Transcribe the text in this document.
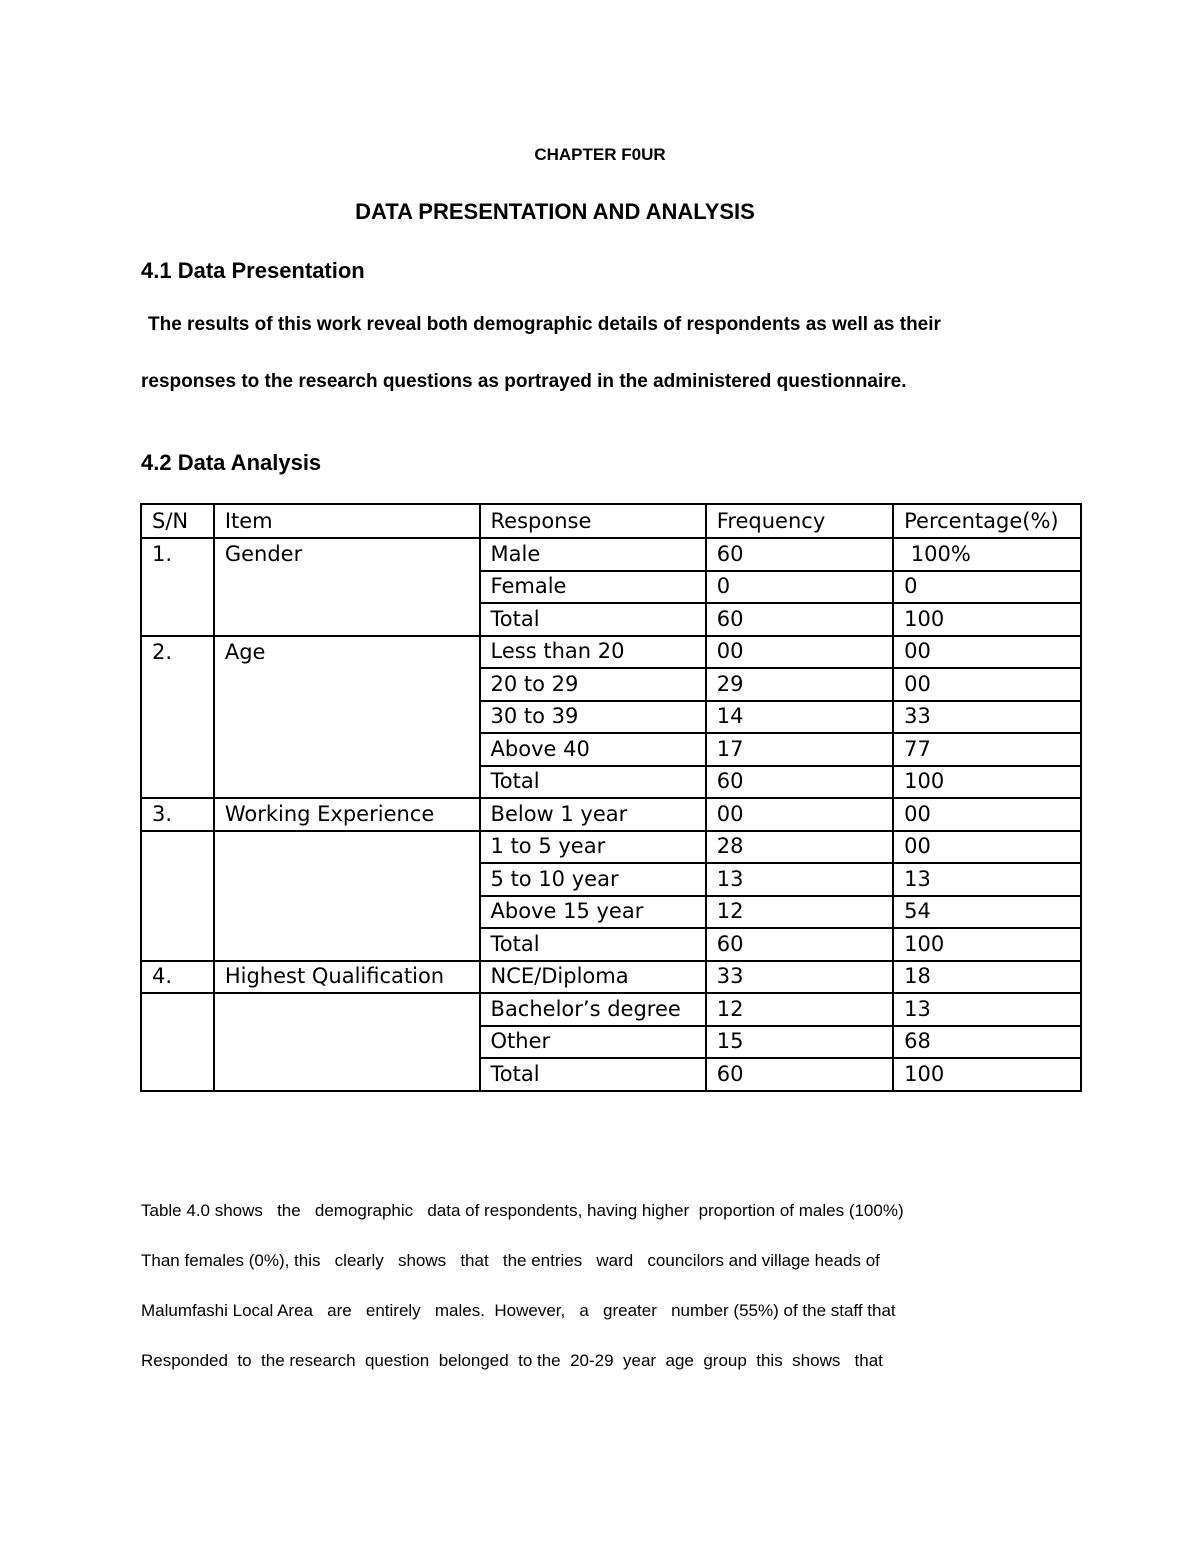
CHAPTER F0UR
DATA PRESENTATION AND ANALYSIS
4.1 Data Presentation
The results of this work reveal both demographic details of respondents as well as their
responses to the research questions as portrayed in the administered questionnaire.
4.2 Data Analysis
S/N	Item	Response	Frequency	Percentage(%)
1.	Gender	Male	60	100%
		Female	0	0
		Total	60	100
2.	Age	Less than 20	00	00
		20 to 29	29	00
		30 to 39	14	33
		Above 40	17	77
		Total	60	100
3.	Working Experience	Below 1 year	00	00
		1 to 5 year	28	00
		5 to 10 year	13	13
		Above 15 year	12	54
		Total	60	100
4.	Highest Qualification	NCE/Diploma	33	18
		Bachelor’s degree	12	13
		Other	15	68
		Total	60	100
Table 4.0 shows   the   demographic   data of respondents, having higher  proportion of males (100%)
Than females (0%), this   clearly   shows   that   the entries   ward   councilors and village heads of
Malumfashi Local Area   are   entirely   males.  However,   a   greater   number (55%) of the staff that
Responded  to  the research  question  belonged  to the  20-29  year  age  group  this  shows   that
